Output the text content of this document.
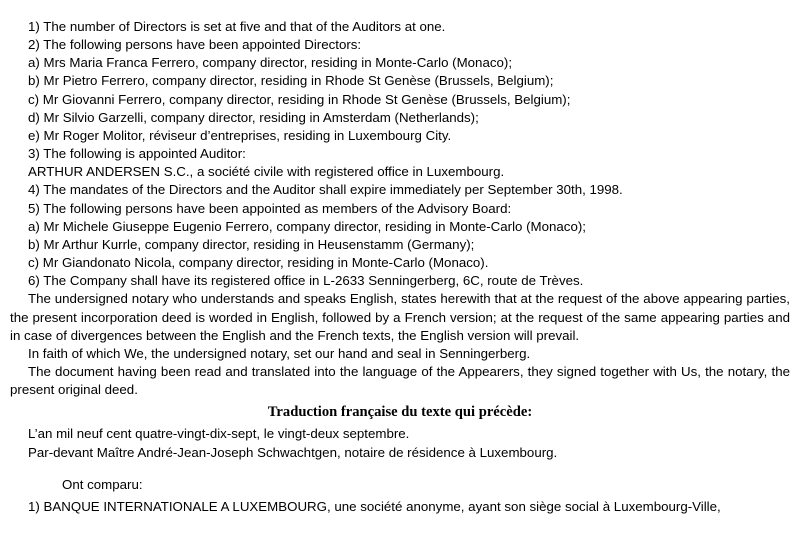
1) The number of Directors is set at five and that of the Auditors at one.

2) The following persons have been appointed Directors:

a) Mrs Maria Franca Ferrero, company director, residing in Monte-Carlo (Monaco);

b) Mr Pietro Ferrero, company director, residing in Rhode St Genèse (Brussels, Belgium);

c) Mr Giovanni Ferrero, company director, residing in Rhode St Genèse (Brussels, Belgium);

d) Mr Silvio Garzelli, company director, residing in Amsterdam (Netherlands);

e) Mr Roger Molitor, réviseur d’entreprises, residing in Luxembourg City.

3) The following is appointed Auditor:

ARTHUR ANDERSEN S.C., a société civile with registered office in Luxembourg.

4) The mandates of the Directors and the Auditor shall expire immediately per September 30th, 1998.

5) The following persons have been appointed as members of the Advisory Board:

a) Mr Michele Giuseppe Eugenio Ferrero, company director, residing in Monte-Carlo (Monaco);

b) Mr Arthur Kurrle, company director, residing in Heusenstamm (Germany);

c) Mr Giandonato Nicola, company director, residing in Monte-Carlo (Monaco).

6) The Company shall have its registered office in L-2633 Senningerberg, 6C, route de Trèves.

The undersigned notary who understands and speaks English, states herewith that at the request of the above appearing parties, the present incorporation deed is worded in English, followed by a French version; at the request of the same appearing parties and in case of divergences between the English and the French texts, the English version will prevail.

In faith of which We, the undersigned notary, set our hand and seal in Senningerberg.

The document having been read and translated into the language of the Appearers, they signed together with Us, the notary, the present original deed.

Traduction française du texte qui précède:

L’an mil neuf cent quatre-vingt-dix-sept, le vingt-deux septembre.

Par-devant Maître André-Jean-Joseph Schwachtgen, notaire de résidence à Luxembourg.

Ont comparu:

1) BANQUE INTERNATIONALE A LUXEMBOURG, une société anonyme, ayant son siège social à Luxembourg-Ville,
